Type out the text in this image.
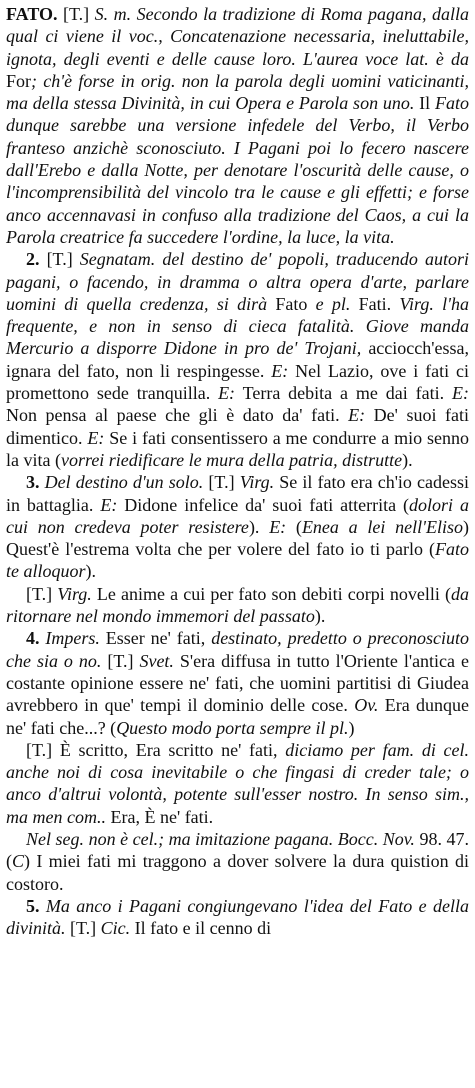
FATO. [T.] S. m. Secondo la tradizione di Roma pagana, dalla qual ci viene il voc., Concatenazione necessaria, ineluttabile, ignota, degli eventi e delle cause loro. L'aurea voce lat. è da For; ch'è forse in orig. non la parola degli uomini vaticinanti, ma della stessa Divinità, in cui Opera e Parola son uno. Il Fato dunque sarebbe una versione infedele del Verbo, il Verbo franteso anzichè sconosciuto. I Pagani poi lo fecero nascere dall'Erebo e dalla Notte, per denotare l'oscurità delle cause, o l'incomprensibilità del vincolo tra le cause e gli effetti; e forse anco accennavasi in confuso alla tradizione del Caos, a cui la Parola creatrice fa succedere l'ordine, la luce, la vita.

2. [T.] Segnatam. del destino de' popoli, traducendo autori pagani, o facendo, in dramma o altra opera d'arte, parlare uomini di quella credenza, si dirà Fato e pl. Fati. Virg. l'ha frequente, e non in senso di cieca fatalità. Giove manda Mercurio a disporre Didone in pro de' Trojani, acciocch'essa, ignara del fato, non li respingesse. E: Nel Lazio, ove i fati ci promettono sede tranquilla. E: Terra debita a me dai fati. E: Non pensa al paese che gli è dato da' fati. E: De' suoi fati dimentico. E: Se i fati consentissero a me condurre a mio senno la vita (vorrei riedificare le mura della patria, distrutte).

3. Del destino d'un solo. [T.] Virg. Se il fato era ch'io cadessi in battaglia. E: Didone infelice da' suoi fati atterrita (dolori a cui non credeva poter resistere). E: (Enea a lei nell'Eliso) Quest'è l'estrema volta che per volere del fato io ti parlo (Fato te alloquor).

[T.] Virg. Le anime a cui per fato son debiti corpi novelli (da ritornare nel mondo immemori del passato).

4. Impers. Esser ne' fati, destinato, predetto o preconosciuto che sia o no. [T.] Svet. S'era diffusa in tutto l'Oriente l'antica e costante opinione essere ne' fati, che uomini partitisi di Giudea avrebbero in que' tempi il dominio delle cose. Ov. Era dunque ne' fati che...? (Questo modo porta sempre il pl.)

[T.] È scritto, Era scritto ne' fati, diciamo per fam. di cel. anche noi di cosa inevitabile o che fingasi di creder tale; o anco d'altrui volontà, potente sull'esser nostro. In senso sim., ma men com.. Era, È ne' fati.

Nel seg. non è cel.; ma imitazione pagana. Bocc. Nov. 98. 47. (C) I miei fati mi traggono a dover solvere la dura quistion di costoro.

5. Ma anco i Pagani congiungevano l'idea del Fato e della divinità. [T.] Cic. Il fato e il cenno di
